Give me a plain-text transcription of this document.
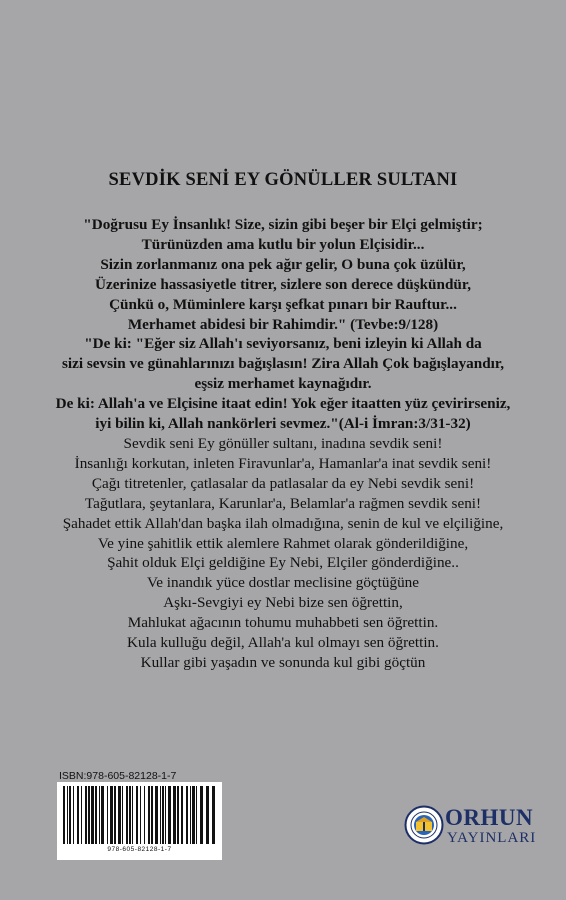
SEVDİK SENİ EY GÖNÜLLER SULTANI
"Doğrusu Ey İnsanlık! Size, sizin gibi beşer bir Elçi gelmiştir;
Türünüzden ama kutlu bir yolun Elçisidir...
Sizin zorlanmanız ona pek ağır gelir, O buna çok üzülür,
Üzerinize hassasiyetle titrer, sizlere son derece düşkündür,
Çünkü o, Müminlere karşı şefkat pınarı bir Rauftur...
Merhamet abidesi bir Rahimdir." (Tevbe:9/128)
"De ki: "Eğer siz Allah'ı seviyorsanız, beni izleyin ki Allah da
sizi sevsin ve günahlarınızı bağışlasın! Zira Allah Çok bağışlayandır,
eşsiz merhamet kaynağıdır.
De ki: Allah'a ve Elçisine itaat edin! Yok eğer itaatten yüz çevirirseniz,
iyi bilin ki, Allah nankörleri sevmez."(Al-i İmran:3/31-32)
Sevdik seni Ey gönüller sultanı, inadına sevdik seni!
İnsanlığı korkutan, inleten Firavunlar'a, Hamanlar'a inat sevdik seni!
Çağı titretenler, çatlasalar da patlasalar da ey Nebi sevdik seni!
Tağutlara, şeytanlara, Karunlar'a, Belamlar'a rağmen sevdik seni!
Şahadet ettik Allah'dan başka ilah olmadığına, senin de kul ve elçiliğine,
Ve yine şahitlik ettik alemlere Rahmet olarak gönderildiğine,
Şahit olduk Elçi geldiğine Ey Nebi, Elçiler gönderdiğine..
Ve inandık yüce dostlar meclisine göçtüğüne
Aşkı-Sevgiyi ey Nebi bize sen öğrettin,
Mahlukat ağacının tohumu muhabbeti sen öğrettin.
Kula kulluğu değil, Allah'a kul olmayı sen öğrettin.
Kullar gibi yaşadın ve sonunda kul gibi göçtün
ISBN:978-605-82128-1-7
978-605-82128-1-7
ORHUN
YAYINLARI
